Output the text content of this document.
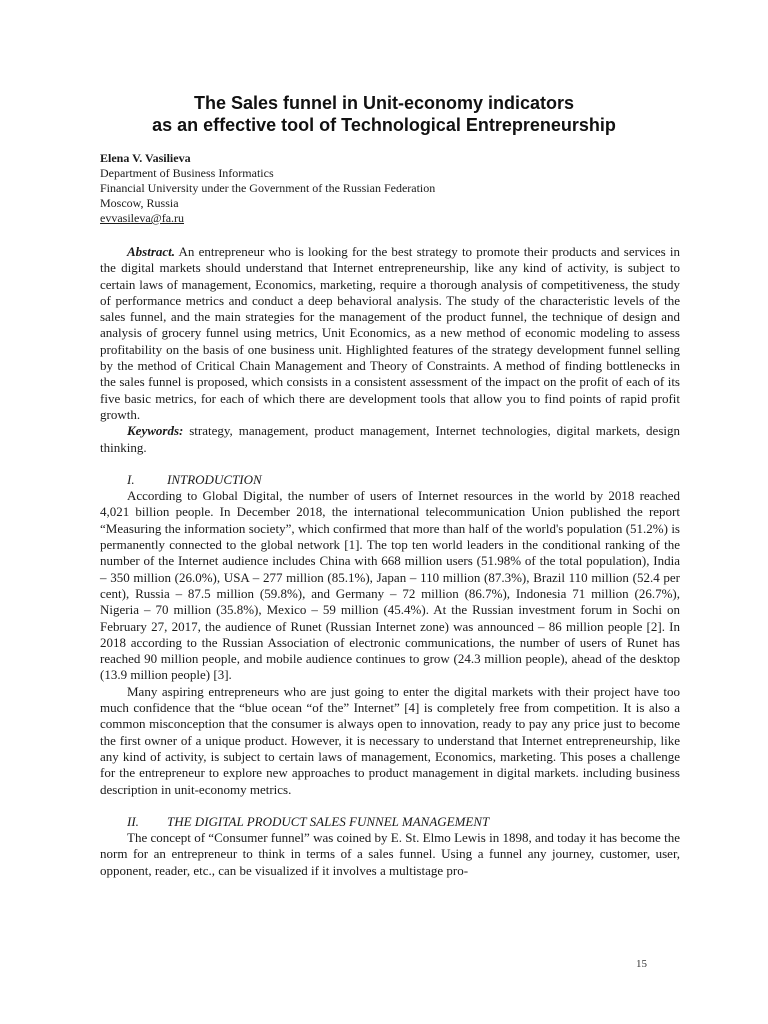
The Sales funnel in Unit-economy indicators
as an effective tool of Technological Entrepreneurship
Elena V. Vasilieva
Department of Business Informatics
Financial University under the Government of the Russian Federation
Moscow, Russia
evvasileva@fa.ru

Abstract. An entrepreneur who is looking for the best strategy to promote their products and services in the digital markets should understand that Internet entrepreneurship, like any kind of activity, is subject to certain laws of management, Economics, marketing, require a thorough analysis of competitiveness, the study of performance metrics and conduct a deep behavioral analysis. The study of the characteristic levels of the sales funnel, and the main strategies for the management of the product funnel, the technique of design and analysis of grocery funnel using metrics, Unit Economics, as a new method of economic modeling to assess profitability on the basis of one business unit. Highlighted features of the strategy development funnel selling by the method of Critical Chain Management and Theory of Constraints. A method of finding bottlenecks in the sales funnel is proposed, which consists in a consistent assessment of the impact on the profit of each of its five basic metrics, for each of which there are development tools that allow you to find points of rapid profit growth.

Keywords: strategy, management, product management, Internet technologies, digital markets, design thinking.

I.	INTRODUCTION

According to Global Digital, the number of users of Internet resources in the world by 2018 reached 4,021 billion people. In December 2018, the international telecommunication Union published the report “Measuring the information society”, which confirmed that more than half of the world's population (51.2%) is permanently connected to the global network [1]. The top ten world leaders in the conditional ranking of the number of the Internet audience includes China with 668 million users (51.98% of the total population), India – 350 million (26.0%), USA – 277 million (85.1%), Japan – 110 million (87.3%), Brazil 110 million (52.4 per cent), Russia – 87.5 million (59.8%), and Germany – 72 million (86.7%), Indonesia 71 million (26.7%), Nigeria – 70 million (35.8%), Mexico – 59 million (45.4%). At the Russian investment forum in Sochi on February 27, 2017, the audience of Runet (Russian Internet zone) was announced – 86 million people [2]. In 2018 according to the Russian Association of electronic communications, the number of users of Runet has reached 90 million people, and mobile audience continues to grow (24.3 million people), ahead of the desktop (13.9 million people) [3].

Many aspiring entrepreneurs who are just going to enter the digital markets with their project have too much confidence that the “blue ocean “of the” Internet” [4] is completely free from competition. It is also a common misconception that the consumer is always open to innovation, ready to pay any price just to become the first owner of a unique product. However, it is necessary to understand that Internet entrepreneurship, like any kind of activity, is subject to certain laws of management, Economics, marketing. This poses a challenge for the entrepreneur to explore new approaches to product management in digital markets. including business description in unit-economy metrics.

II.	THE DIGITAL PRODUCT SALES FUNNEL MANAGEMENT

The concept of “Consumer funnel” was coined by E. St. Elmo Lewis in 1898, and today it has become the norm for an entrepreneur to think in terms of a sales funnel. Using a funnel any journey, customer, user, opponent, reader, etc., can be visualized if it involves a multistage pro-

15
